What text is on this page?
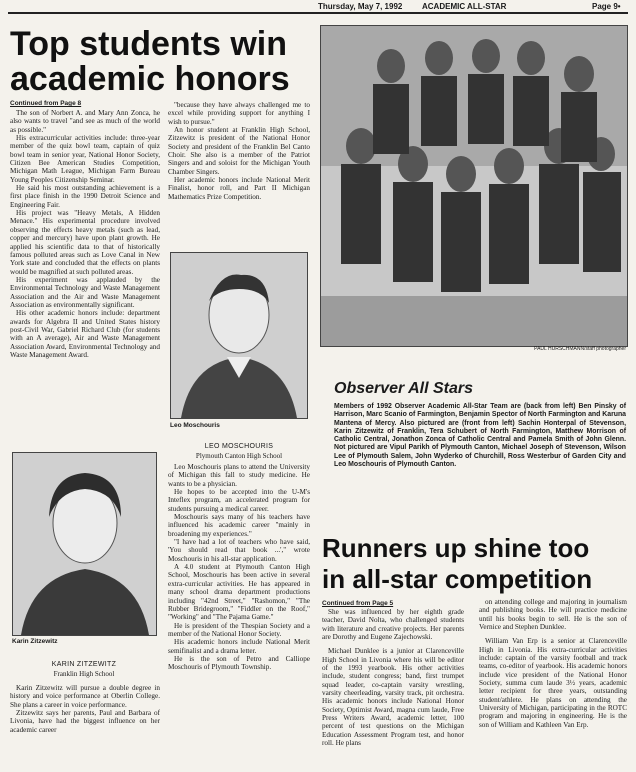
Thursday, May 7, 1992 ACADEMIC ALL-STAR	Page 9•
Top students win
academic honors
Continued from Page 8

The son of Norbert A. and Mary Ann Zonca, he also wants to travel "and see as much of the world as possible."

His extracurricular activities include: three-year member of the quiz bowl team, captain of quiz bowl team in senior year, National Honor Society, Citizen Bee American Studies Competition, Michigan Math League, Michigan Farm Bureau Young Peoples Citizenship Seminar.

He said his most outstanding achievement is a first place finish in the 1990 Detroit Science and Engineering Fair.

His project was "Heavy Metals, A Hidden Menace." His experimental procedure involved observing the effects heavy metals (such as lead, copper and mercury) have upon plant growth. He applied his scientific data to that of historically famous polluted areas such as Love Canal in New York state and concluded that the effects on plants would be magnified at such polluted areas.

His experiment was applauded by the Environmental Technology and Waste Management Association and the Air and Waste Management Association as environmentally significant.

His other academic honors include: department awards for Algebra II and United States history post-Civil War, Gabriel Richard Club (for students with an A average), Air and Waste Management Association Award, Environmental Technology and Waste Management Award.

"because they have always challenged me to excel while providing support for anything I wish to pursue."

An honor student at Franklin High School, Zitzewitz is president of the National Honor Society and president of the Franklin Bel Canto Choir. She also is a member of the Patriot Singers and and soloist for the Michigan Youth Chamber Singers.

Her academic honors include National Merit Finalist, honor roll, and Part II Michigan Mathematics Prize Competition.

Leo Moschouris
LEO MOSCHOURIS
Plymouth Canton High School

Leo Moschouris plans to attend the University of Michigan this fall to study medicine. He wants to be a physician.

He hopes to be accepted into the U-M's Inteflex program, an accelerated program for students pursuing a medical career.

Moschouris says many of his teachers have influenced his academic career "mainly in broadening my experiences."

"I have had a lot of teachers who have said, 'You should read that book ...'," wrote Moschouris in his all-star application.

A 4.0 student at Plymouth Canton High School, Moschouris has been active in several extra-curricular activities. He has appeared in many school drama department productions including "42nd Street," "Rashomon," "The Rubber Bridegroom," "Fiddler on the Roof," "Working" and "The Pajama Game."

He is president of the Thespian Society and a member of the National Honor Society.

His academic honors include National Merit semifinalist and a drama letter.

He is the son of Petro and Calliope Moschouris of Plymouth Township.

Karin Zitzewitz
KARIN ZITZEWITZ
Franklin High School

Karin Zitzewitz will pursue a double degree in history and voice performance at Oberlin College. She plans a career in voice performance.

Zitzewitz says her parents, Paul and Barbara of Livonia, have had the biggest influence on her academic career

PAUL HURSCHMANN/staff photographer
Observer All Stars
Members of 1992 Observer Academic All-Star Team are (back from left) Ben Pinsky of Harrison, Marc Scanio of Farmington, Benjamin Spector of North Farmington and Karuna Mantena of Mercy. Also pictured are (front from left) Sachin Honterpal of Stevenson, Karin Zitzewitz of Franklin, Tera Schubert of North Farmington, Matthew Morrison of Catholic Central, Jonathon Zonca of Catholic Central and Pamela Smith of John Glenn. Not pictured are Vipul Parikh of Plymouth Canton, Michael Joseph of Stevenson, Wilson Lee of Plymouth Salem, John Wyderko of Churchill, Ross Westerbur of Garden City and Leo Moschouris of Plymouth Canton.
Runners up shine too
in all-star competition
Continued from Page 5

She was influenced by her eighth grade teacher, David Nolta, who challenged students with literature and creative projects. Her parents are Dorothy and Eugene Zajechowski.

Michael Dunklee is a junior at Clarenceville High School in Livonia where his will be editor of the 1993 yearbook. His other activities include, student congress; band, first trumpet squad leader, co-captain varsity wrestling, varsity cheerleading, varsity track, pit orchestra. His academic honors include National Honor Society, Optimist Award, magna cum laude, Free Press Writers Award, academic letter, 100 percent of test questions on the Michigan Education Assessment Program test, and honor roll. He plans

on attending college and majoring in journalism and publishing books. He will practice medicine until his books begin to sell. He is the son of Vernice and Stephen Dunklee.

William Van Erp is a senior at Clarenceville High in Livonia. His extra-curricular activities include: captain of the varsity football and track teams, co-editor of yearbook. His academic honors include vice president of the National Honor Society, summa cum laude 3½ years, academic letter recipient for three years, outstanding student/athlete. He plans on attending the University of Michigan, participating in the ROTC program and majoring in engineering. He is the son of William and Kathleen Van Erp.
